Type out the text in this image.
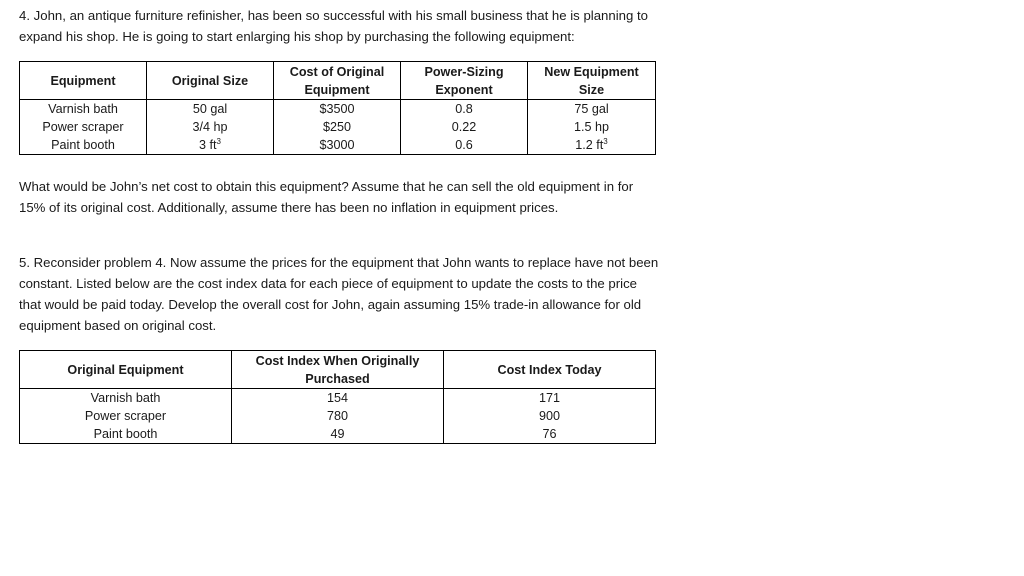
4. John, an antique furniture refinisher, has been so successful with his small business that he is planning to expand his shop. He is going to start enlarging his shop by purchasing the following equipment:

Equipment	Original Size	Cost of Original Equipment	Power-Sizing Exponent	New Equipment Size
Varnish bath	50 gal	$3500	0.8	75 gal
Power scraper	3/4 hp	$250	0.22	1.5 hp
Paint booth	3 $ft^3$	$3000	0.6	1.2 $ft^3$

What would be John’s net cost to obtain this equipment? Assume that he can sell the old equipment in for 15% of its original cost. Additionally, assume there has been no inflation in equipment prices.

5. Reconsider problem 4. Now assume the prices for the equipment that John wants to replace have not been constant. Listed below are the cost index data for each piece of equipment to update the costs to the price that would be paid today. Develop the overall cost for John, again assuming 15% trade-in allowance for old equipment based on original cost.

Original Equipment	Cost Index When Originally Purchased	Cost Index Today
Varnish bath	154	171
Power scraper	780	900
Paint booth	49	76
